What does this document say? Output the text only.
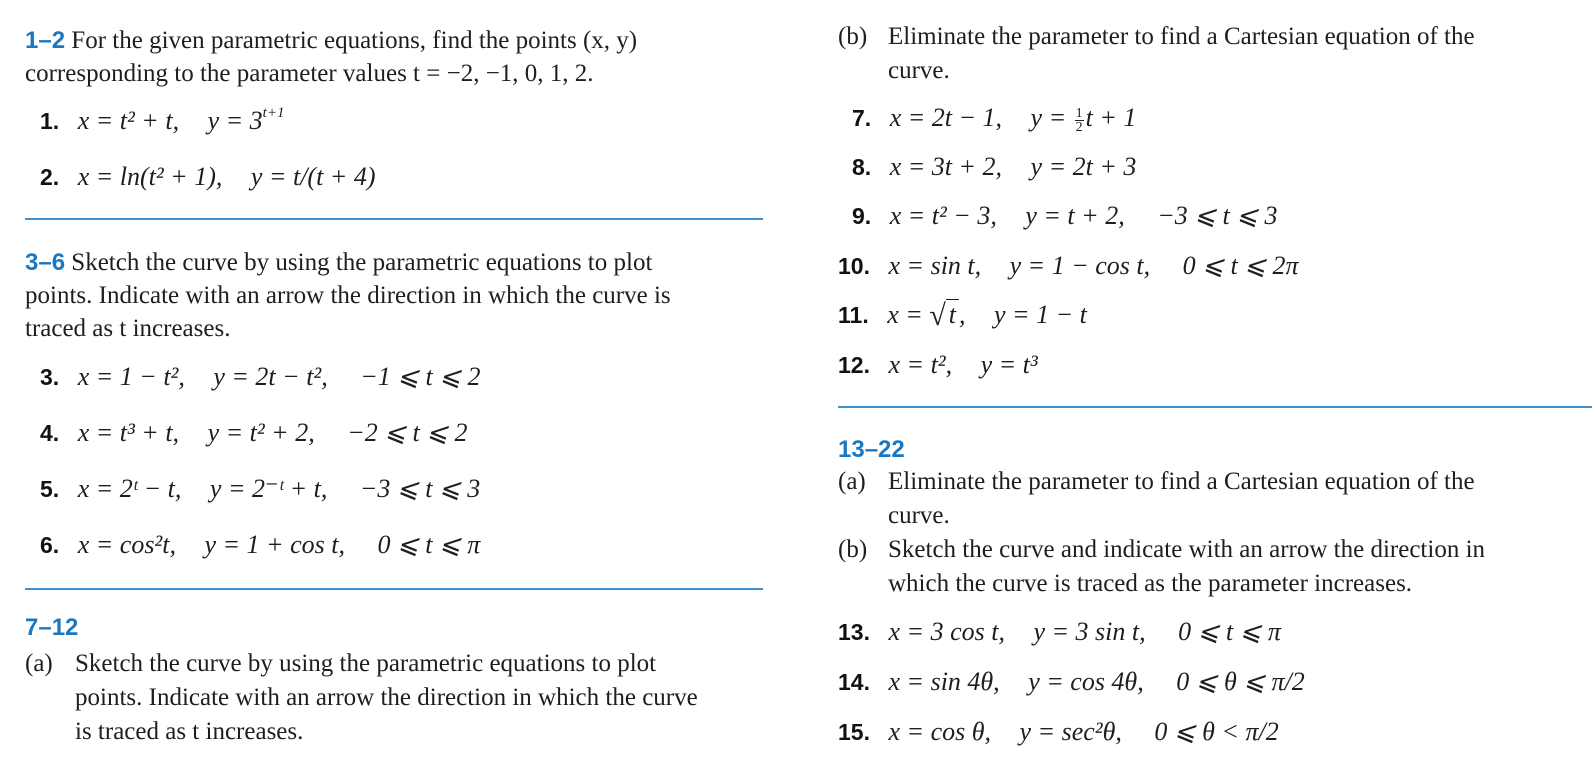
1–2 For the given parametric equations, find the points (x, y)
corresponding to the parameter values t = −2, −1, 0, 1, 2.
1. x = t² + t, $y = 3^{t+1}$
2. x = ln(t² + 1), y = t/(t + 4)
3–6 Sketch the curve by using the parametric equations to plot
points. Indicate with an arrow the direction in which the curve is
traced as t increases.
3. x = 1 − t², y = 2t − t², −1 ⩽ t ⩽ 2
4. x = t³ + t, y = t² + 2, −2 ⩽ t ⩽ 2
5. x = 2ᵗ − t, y = 2⁻ᵗ + t, −3 ⩽ t ⩽ 3
6. x = cos²t, y = 1 + cos t, 0 ⩽ t ⩽ π
7–12
(a) Sketch the curve by using the parametric equations to plot
points. Indicate with an arrow the direction in which the curve
is traced as t increases.
(b) Eliminate the parameter to find a Cartesian equation of the
curve.
7. x = 2t − 1, $y = \frac{1}{2}$ t + 1
8. x = 3t + 2, y = 2t + 3
9. x = t² − 3, y = t + 2, −3 ⩽ t ⩽ 3
10. x = sin t, y = 1 − cos t, 0 ⩽ t ⩽ 2π
11. x = √ t , y = 1 − t
12. x = t², y = t³
13–22
(a) Eliminate the parameter to find a Cartesian equation of the
curve.
(b) Sketch the curve and indicate with an arrow the direction in
which the curve is traced as the parameter increases.
13. x = 3 cos t, y = 3 sin t, 0 ⩽ t ⩽ π
14. x = sin 4θ, y = cos 4θ, 0 ⩽ θ ⩽ π/2
15. x = cos θ, y = sec²θ, 0 ⩽ θ < π/2
